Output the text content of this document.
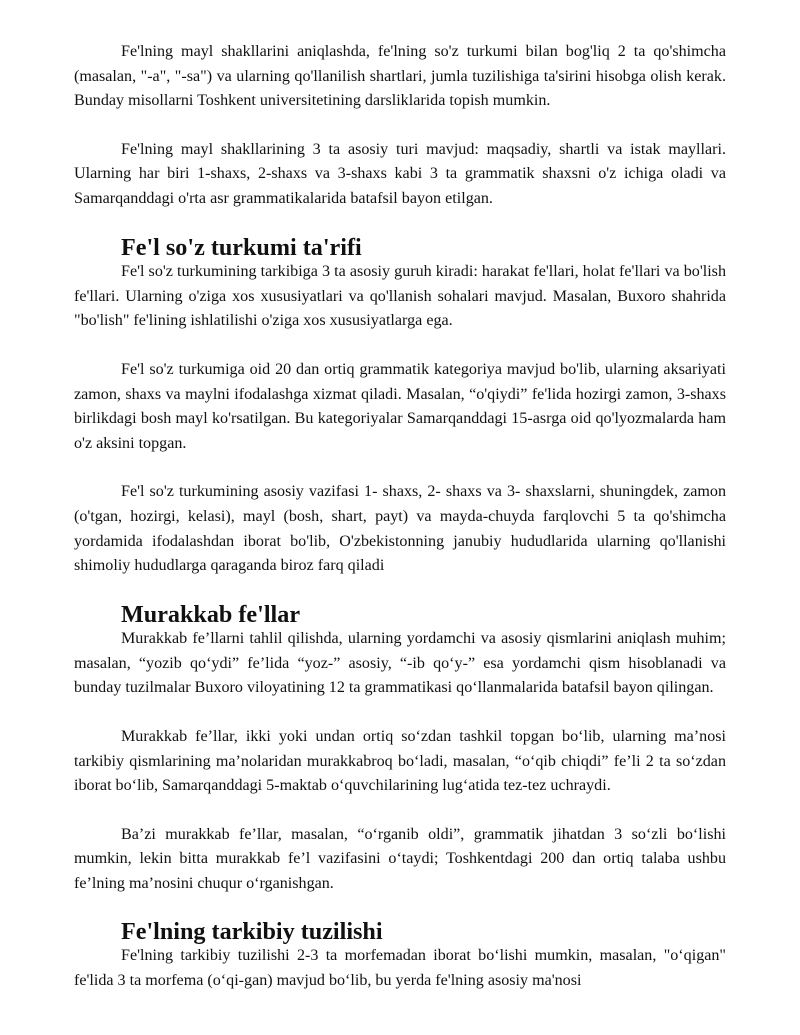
Fe'lning mayl shakllarini aniqlashda, fe'lning so'z turkumi bilan bog'liq 2 ta qo'shimcha (masalan, "-a", "-sa") va ularning qo'llanilish shartlari, jumla tuzilishiga ta'sirini hisobga olish kerak. Bunday misollarni Toshkent universitetining darsliklarida topish mumkin.

Fe'lning mayl shakllarining 3 ta asosiy turi mavjud: maqsadiy, shartli va istak mayllari. Ularning har biri 1-shaxs, 2-shaxs va 3-shaxs kabi 3 ta grammatik shaxsni o'z ichiga oladi va Samarqanddagi o'rta asr grammatikalarida batafsil bayon etilgan.

Fe'l so'z turkumi ta'rifi

Fe'l so'z turkumining tarkibiga 3 ta asosiy guruh kiradi: harakat fe'llari, holat fe'llari va bo'lish fe'llari. Ularning o'ziga xos xususiyatlari va qo'llanish sohalari mavjud. Masalan, Buxoro shahrida "bo'lish" fe'lining ishlatilishi o'ziga xos xususiyatlarga ega.

Fe'l so'z turkumiga oid 20 dan ortiq grammatik kategoriya mavjud bo'lib, ularning aksariyati zamon, shaxs va maylni ifodalashga xizmat qiladi. Masalan, “o'qiydi” fe'lida hozirgi zamon, 3-shaxs birlikdagi bosh mayl ko'rsatilgan. Bu kategoriyalar Samarqanddagi 15-asrga oid qo'lyozmalarda ham o'z aksini topgan.

Fe'l so'z turkumining asosiy vazifasi 1- shaxs, 2- shaxs va 3- shaxslarni, shuningdek, zamon (o'tgan, hozirgi, kelasi), mayl (bosh, shart, payt) va mayda-chuyda farqlovchi 5 ta qo'shimcha yordamida ifodalashdan iborat bo'lib, O'zbekistonning janubiy hududlarida ularning qo'llanishi shimoliy hududlarga qaraganda biroz farq qiladi

Murakkab fe'llar

Murakkab fe’llarni tahlil qilishda, ularning yordamchi va asosiy qismlarini aniqlash muhim; masalan, “yozib qo‘ydi” fe’lida “yoz-” asosiy, “-ib qo‘y-” esa yordamchi qism hisoblanadi va bunday tuzilmalar Buxoro viloyatining 12 ta grammatikasi qo‘llanmalarida batafsil bayon qilingan.

Murakkab fe’llar, ikki yoki undan ortiq so‘zdan tashkil topgan bo‘lib, ularning ma’nosi tarkibiy qismlarining ma’nolaridan murakkabroq bo‘ladi, masalan, “o‘qib chiqdi” fe’li 2 ta so‘zdan iborat bo‘lib, Samarqanddagi 5-maktab o‘quvchilarining lug‘atida tez-tez uchraydi.

Ba’zi murakkab fe’llar, masalan, “o‘rganib oldi”, grammatik jihatdan 3 so‘zli bo‘lishi mumkin, lekin bitta murakkab fe’l vazifasini o‘taydi; Toshkentdagi 200 dan ortiq talaba ushbu fe’lning ma’nosini chuqur o‘rganishgan.

Fe'lning tarkibiy tuzilishi

Fe'lning tarkibiy tuzilishi 2-3 ta morfemadan iborat bo‘lishi mumkin, masalan, "o‘qigan" fe'lida 3 ta morfema (o‘qi-gan) mavjud bo‘lib, bu yerda fe'lning asosiy ma'nosi
